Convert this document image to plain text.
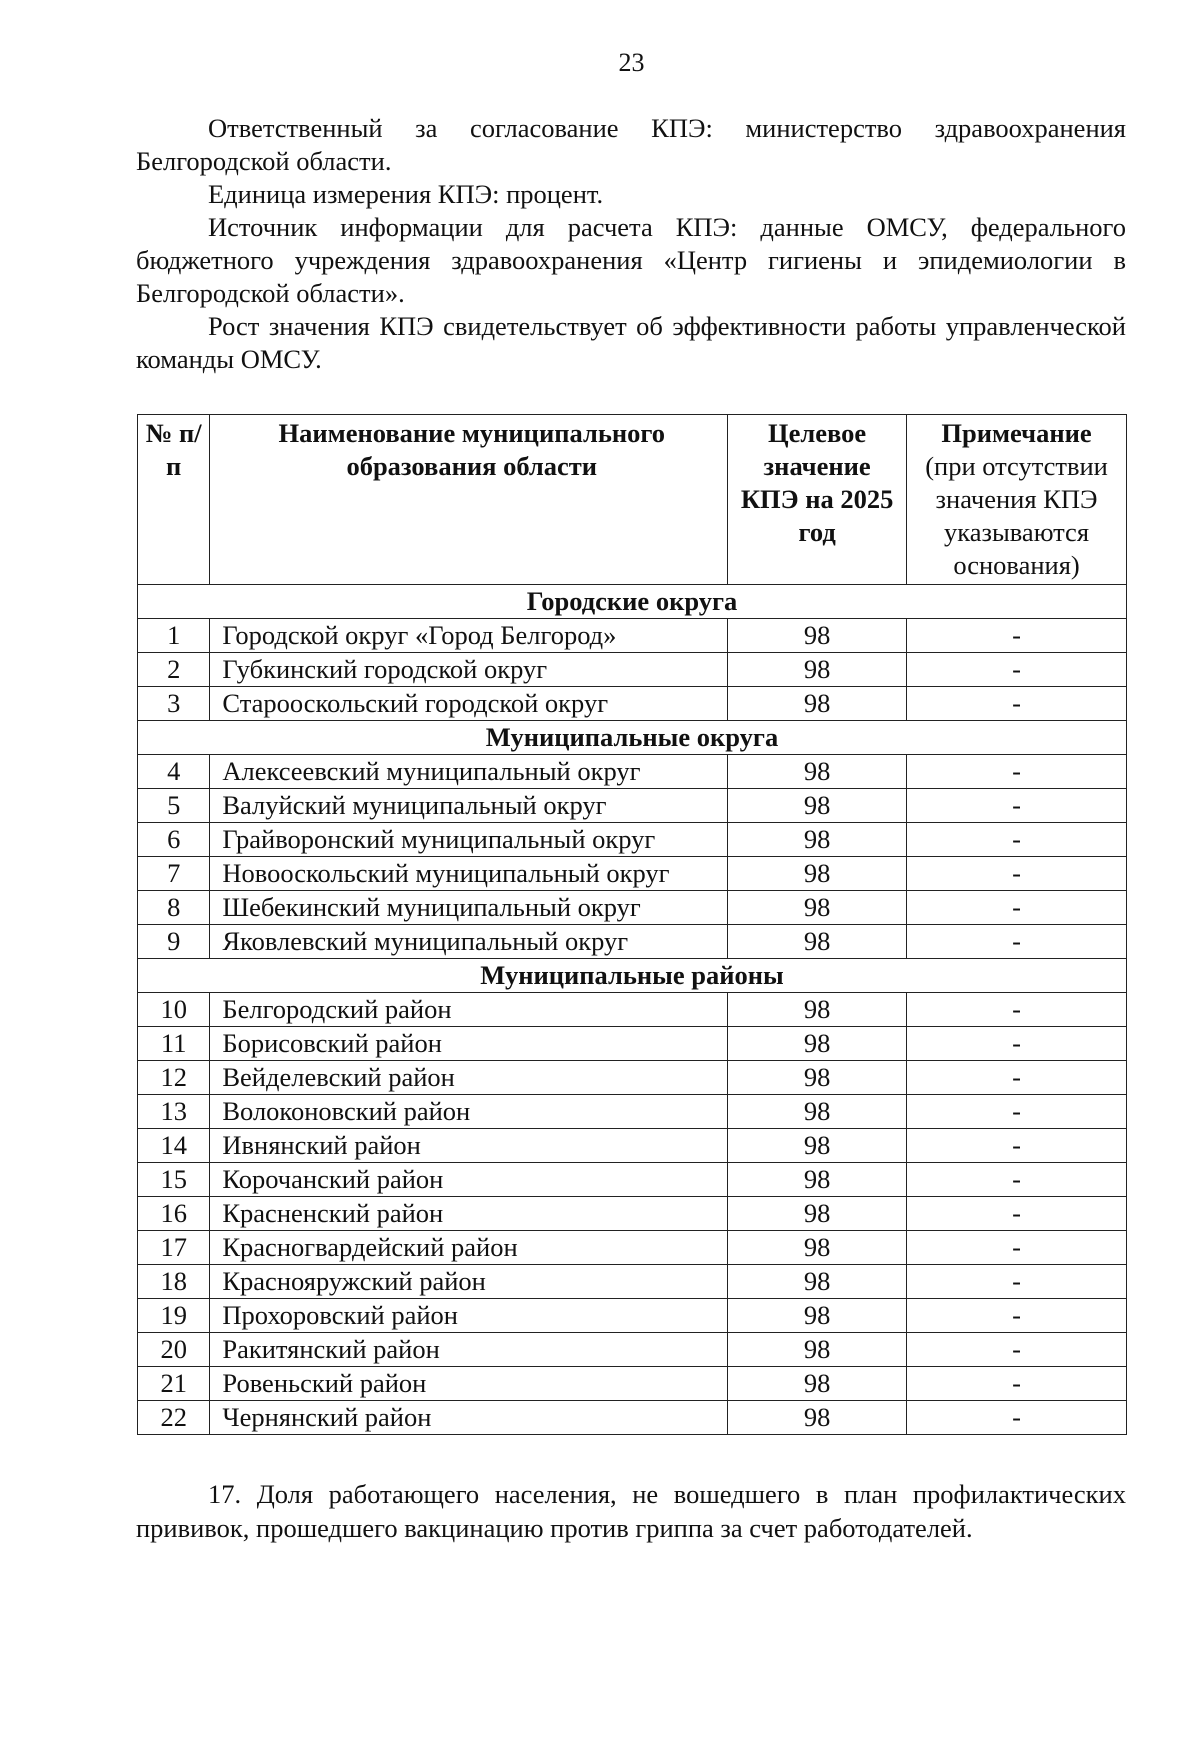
23

Ответственный за согласование КПЭ: министерство здравоохранения Белгородской области.

Единица измерения КПЭ: процент.

Источник информации для расчета КПЭ: данные ОМСУ, федерального бюджетного учреждения здравоохранения «Центр гигиены и эпидемиологии в Белгородской области».

Рост значения КПЭ свидетельствует об эффективности работы управленческой команды ОМСУ.

№ п/п	Наименование муниципального образования области	Целевое значение КПЭ на 2025 год	Примечание
(при отсутствии значения КПЭ указываются основания)
Городские округа			
1	Городской округ «Город Белгород»	98	-
2	Губкинский городской округ	98	-
3	Старооскольский городской округ	98	-
Муниципальные округа			
4	Алексеевский муниципальный округ	98	-
5	Валуйский муниципальный округ	98	-
6	Грайворонский муниципальный округ	98	-
7	Новооскольский муниципальный округ	98	-
8	Шебекинский муниципальный округ	98	-
9	Яковлевский муниципальный округ	98	-
Муниципальные районы			
10	Белгородский район	98	-
11	Борисовский район	98	-
12	Вейделевский район	98	-
13	Волоконовский район	98	-
14	Ивнянский район	98	-
15	Корочанский район	98	-
16	Красненский район	98	-
17	Красногвардейский район	98	-
18	Краснояружский район	98	-
19	Прохоровский район	98	-
20	Ракитянский район	98	-
21	Ровеньский район	98	-
22	Чернянский район	98	-

17. Доля работающего населения, не вошедшего в план профилактических прививок, прошедшего вакцинацию против гриппа за счет работодателей.
